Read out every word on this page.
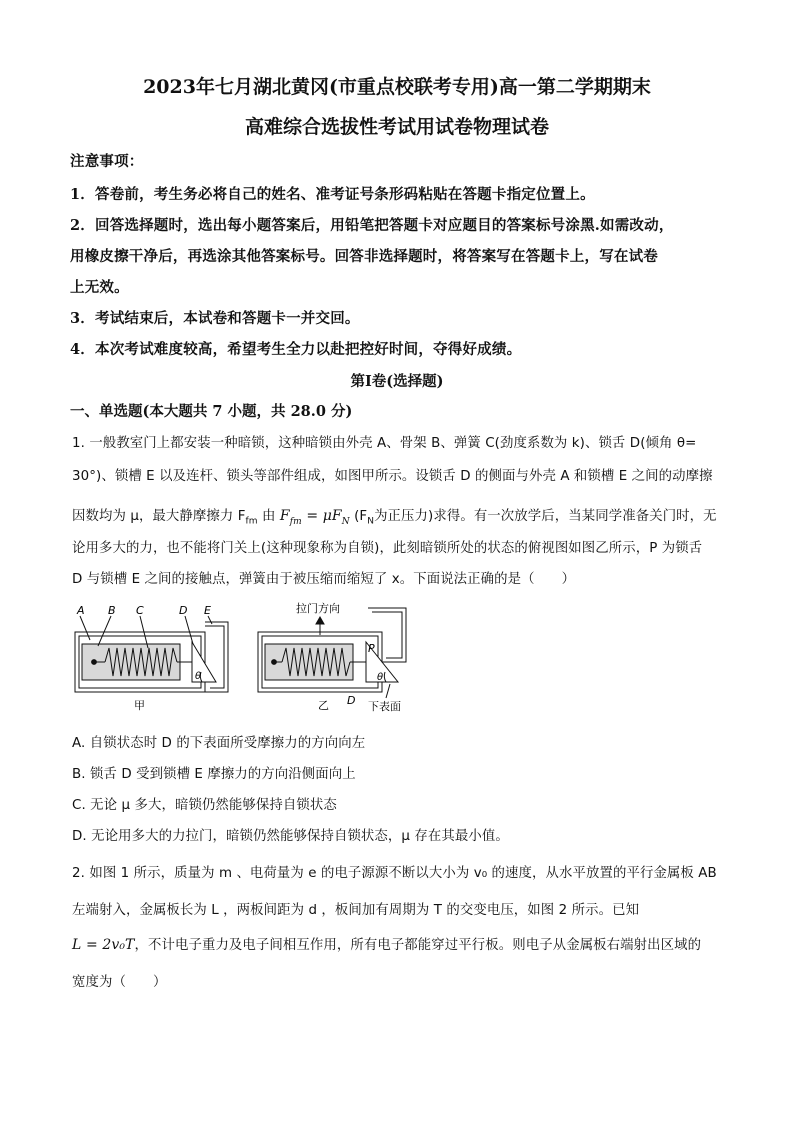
2023年七月湖北黄冈(市重点校联考专用)高一第二学期期末
高难综合选拔性考试用试卷物理试卷
注意事项：
1．答卷前，考生务必将自己的姓名、准考证号条形码粘贴在答题卡指定位置上。
2．回答选择题时，选出每小题答案后，用铅笔把答题卡对应题目的答案标号涂黑.如需改动，
用橡皮擦干净后，再选涂其他答案标号。回答非选择题时，将答案写在答题卡上，写在试卷
上无效。
3．考试结束后，本试卷和答题卡一并交回。
4．本次考试难度较高，希望考生全力以赴把控好时间，夺得好成绩。
第Ⅰ卷(选择题)
一、单选题(本大题共 7 小题，共 28.0 分)
1. 一般教室门上都安装一种暗锁，这种暗锁由外壳 A、骨架 B、弹簧 C(劲度系数为 k)、锁舌 D(倾角 θ=
30°)、锁槽 E 以及连杆、锁头等部件组成，如图甲所示。设锁舌 D 的侧面与外壳 A 和锁槽 E 之间的动摩擦
因数均为 μ，最大静摩擦力 $F_{fm}$ 由 $F_{fm} = \mu F_N$ ($F_N$为正压力)求得。有一次放学后，当某同学准备关门时，无
论用多大的力，也不能将门关上(这种现象称为自锁)，此刻暗锁所处的状态的俯视图如图乙所示，P 为锁舌
D 与锁槽 E 之间的接触点，弹簧由于被压缩而缩短了 x。下面说法正确的是（　　）
A B C	D E
θ
甲
拉门方向
P
θ
D
乙	下表面
A. 自锁状态时 D 的下表面所受摩擦力的方向向左
B. 锁舌 D 受到锁槽 E 摩擦力的方向沿侧面向上
C. 无论 μ 多大，暗锁仍然能够保持自锁状态
D. 无论用多大的力拉门，暗锁仍然能够保持自锁状态，μ 存在其最小值。
2. 如图 1 所示，质量为 m 、电荷量为 e 的电子源源不断以大小为 v₀ 的速度，从水平放置的平行金属板 AB
左端射入，金属板长为 L ，两板间距为 d ，板间加有周期为 T 的交变电压，如图 2 所示。已知
L = 2v₀T，不计电子重力及电子间相互作用，所有电子都能穿过平行板。则电子从金属板右端射出区域的
宽度为（　　）
